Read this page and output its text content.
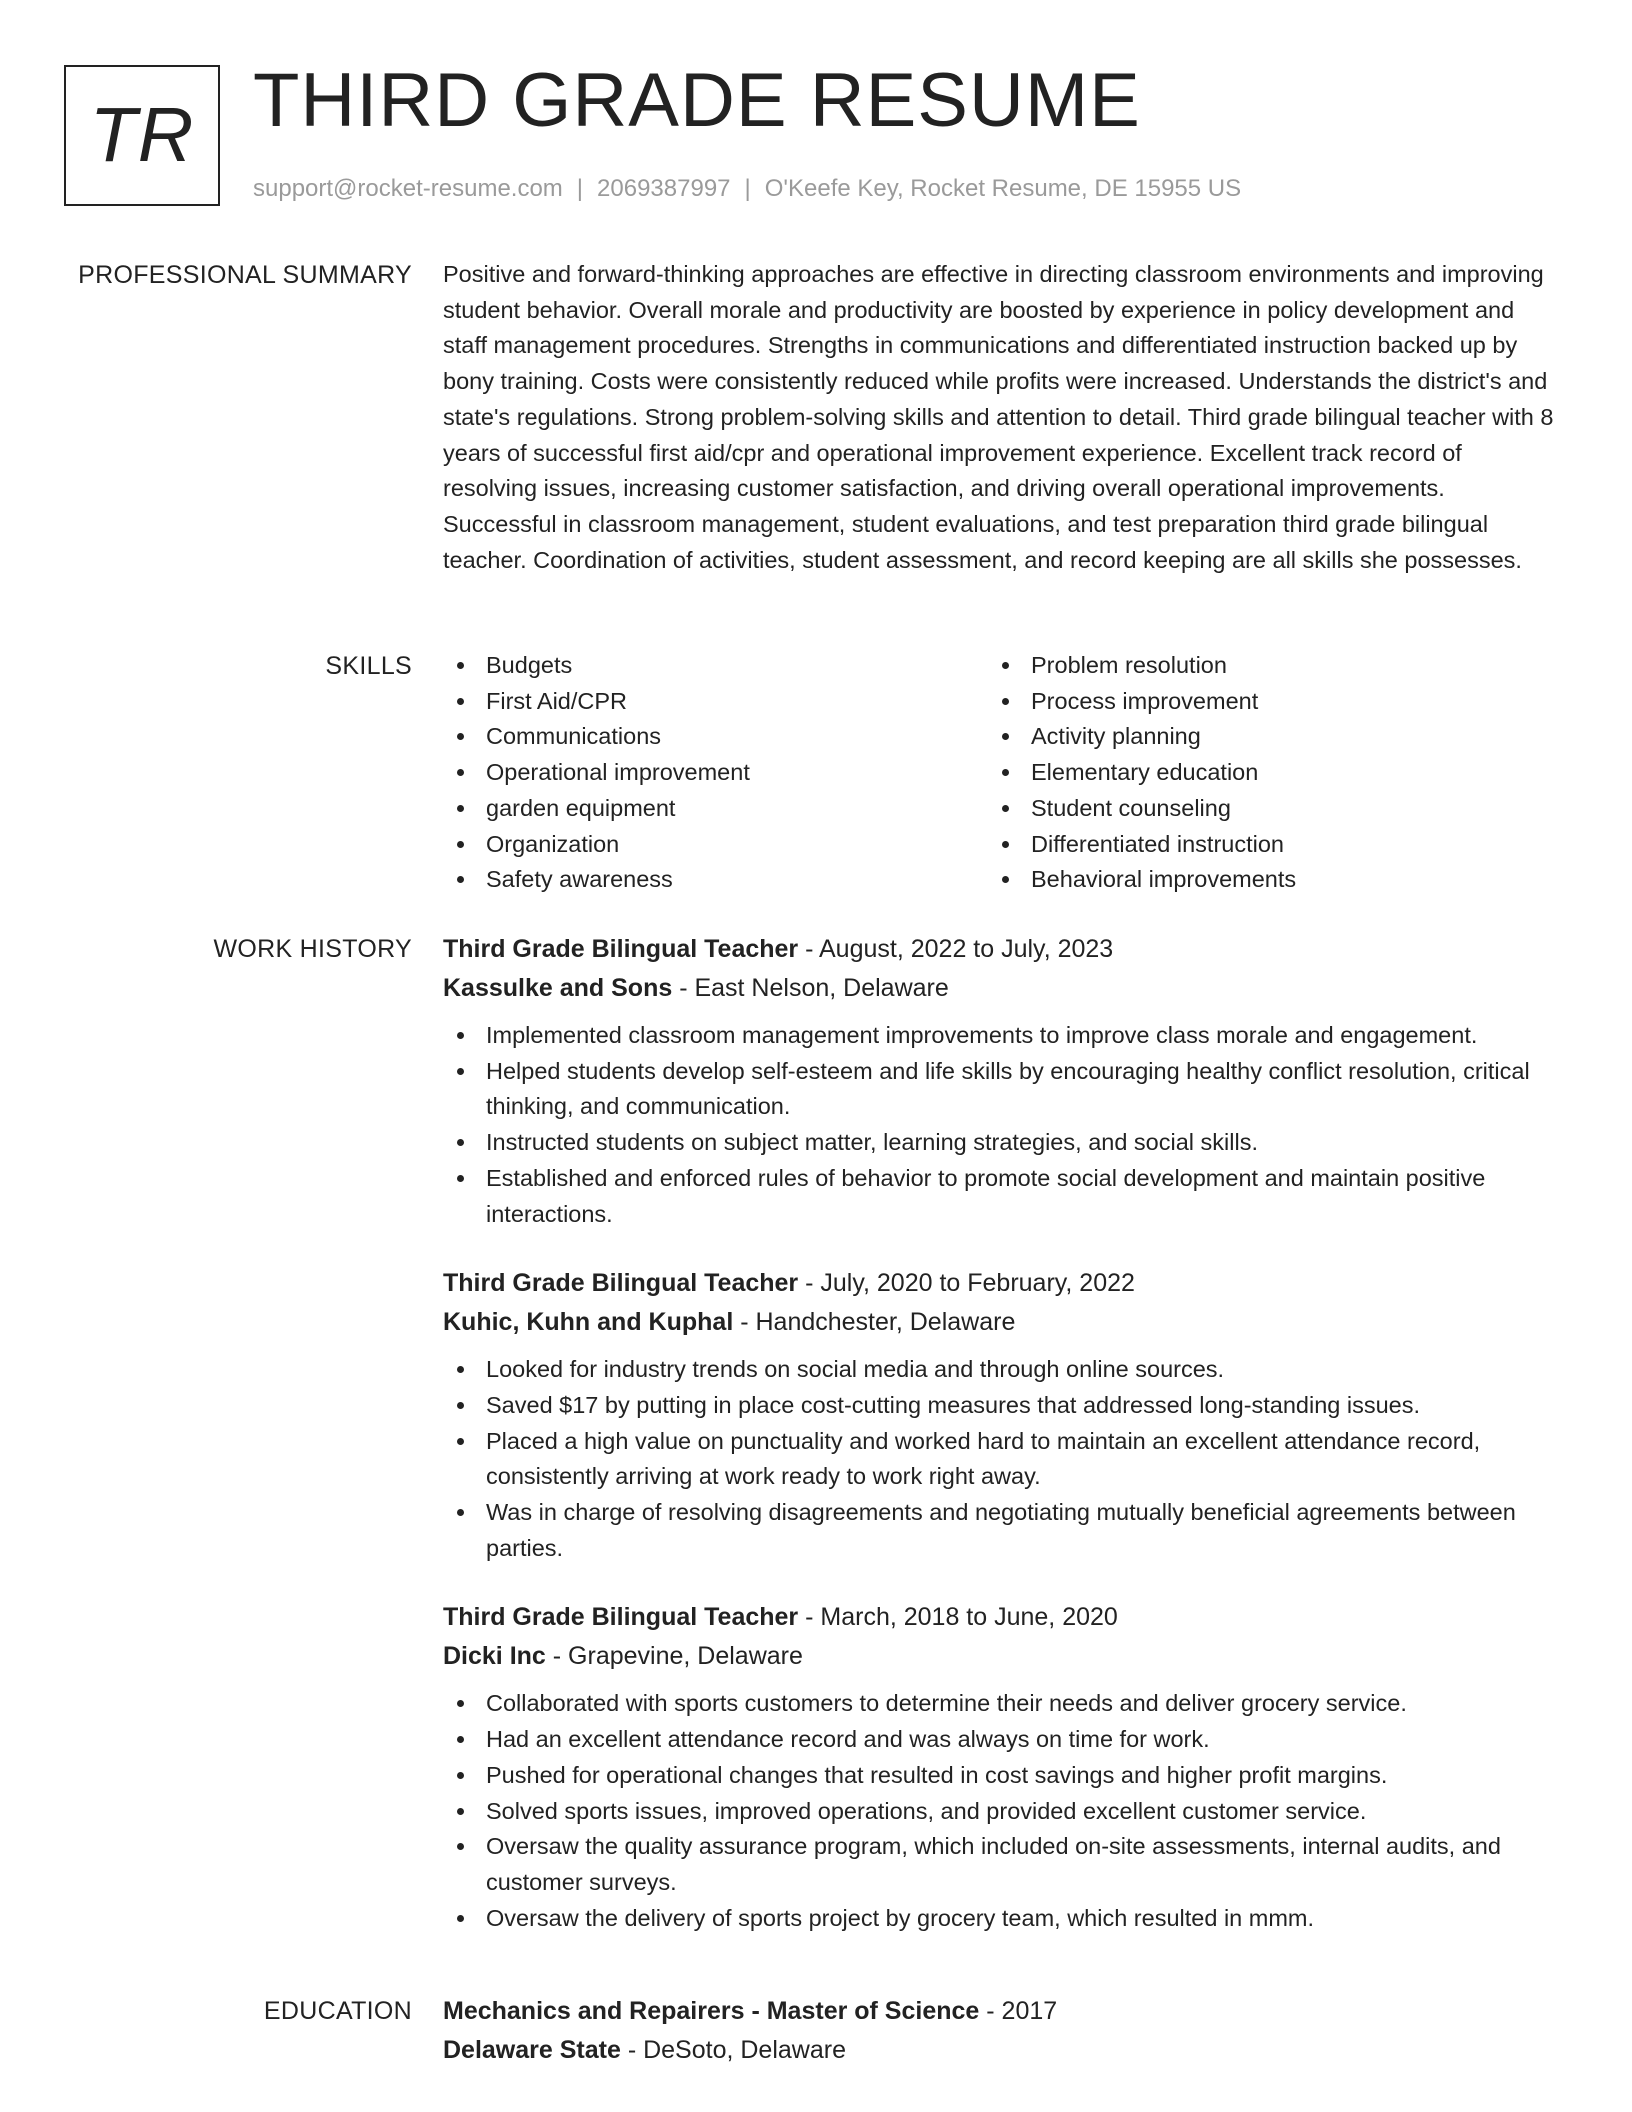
TR THIRD GRADE RESUME
support@rocket-resume.com | 2069387997 | O'Keefe Key, Rocket Resume, DE 15955 US
PROFESSIONAL SUMMARY Positive and forward-thinking approaches are effective in directing classroom environments and improving student behavior. Overall morale and productivity are boosted by experience in policy development and staff management procedures. Strengths in communications and differentiated instruction backed up by bony training. Costs were consistently reduced while profits were increased. Understands the district's and state's regulations. Strong problem-solving skills and attention to detail. Third grade bilingual teacher with 8 years of successful first aid/cpr and operational improvement experience. Excellent track record of resolving issues, increasing customer satisfaction, and driving overall operational improvements. Successful in classroom management, student evaluations, and test preparation third grade bilingual teacher. Coordination of activities, student assessment, and record keeping are all skills she possesses.

SKILLS	Budgets
First Aid/CPR
Communications
Operational improvement
garden equipment
Organization
Safety awareness
Problem resolution
Process improvement
Activity planning
Elementary education
Student counseling
Differentiated instruction
Behavioral improvements
WORK HISTORY Third Grade Bilingual Teacher - August, 2022 to July, 2023
Kassulke and Sons - East Nelson, Delaware
Implemented classroom management improvements to improve class morale and engagement.
Helped students develop self-esteem and life skills by encouraging healthy conflict resolution, critical thinking, and communication.
Instructed students on subject matter, learning strategies, and social skills.
Established and enforced rules of behavior to promote social development and maintain positive interactions.
Third Grade Bilingual Teacher - July, 2020 to February, 2022
Kuhic, Kuhn and Kuphal - Handchester, Delaware
Looked for industry trends on social media and through online sources.
Saved $17 by putting in place cost-cutting measures that addressed long-standing issues.
Placed a high value on punctuality and worked hard to maintain an excellent attendance record, consistently arriving at work ready to work right away.
Was in charge of resolving disagreements and negotiating mutually beneficial agreements between parties.
Third Grade Bilingual Teacher - March, 2018 to June, 2020
Dicki Inc - Grapevine, Delaware
Collaborated with sports customers to determine their needs and deliver grocery service.
Had an excellent attendance record and was always on time for work.
Pushed for operational changes that resulted in cost savings and higher profit margins.
Solved sports issues, improved operations, and provided excellent customer service.
Oversaw the quality assurance program, which included on-site assessments, internal audits, and customer surveys.
Oversaw the delivery of sports project by grocery team, which resulted in mmm.
EDUCATION Mechanics and Repairers - Master of Science - 2017
Delaware State - DeSoto, Delaware
